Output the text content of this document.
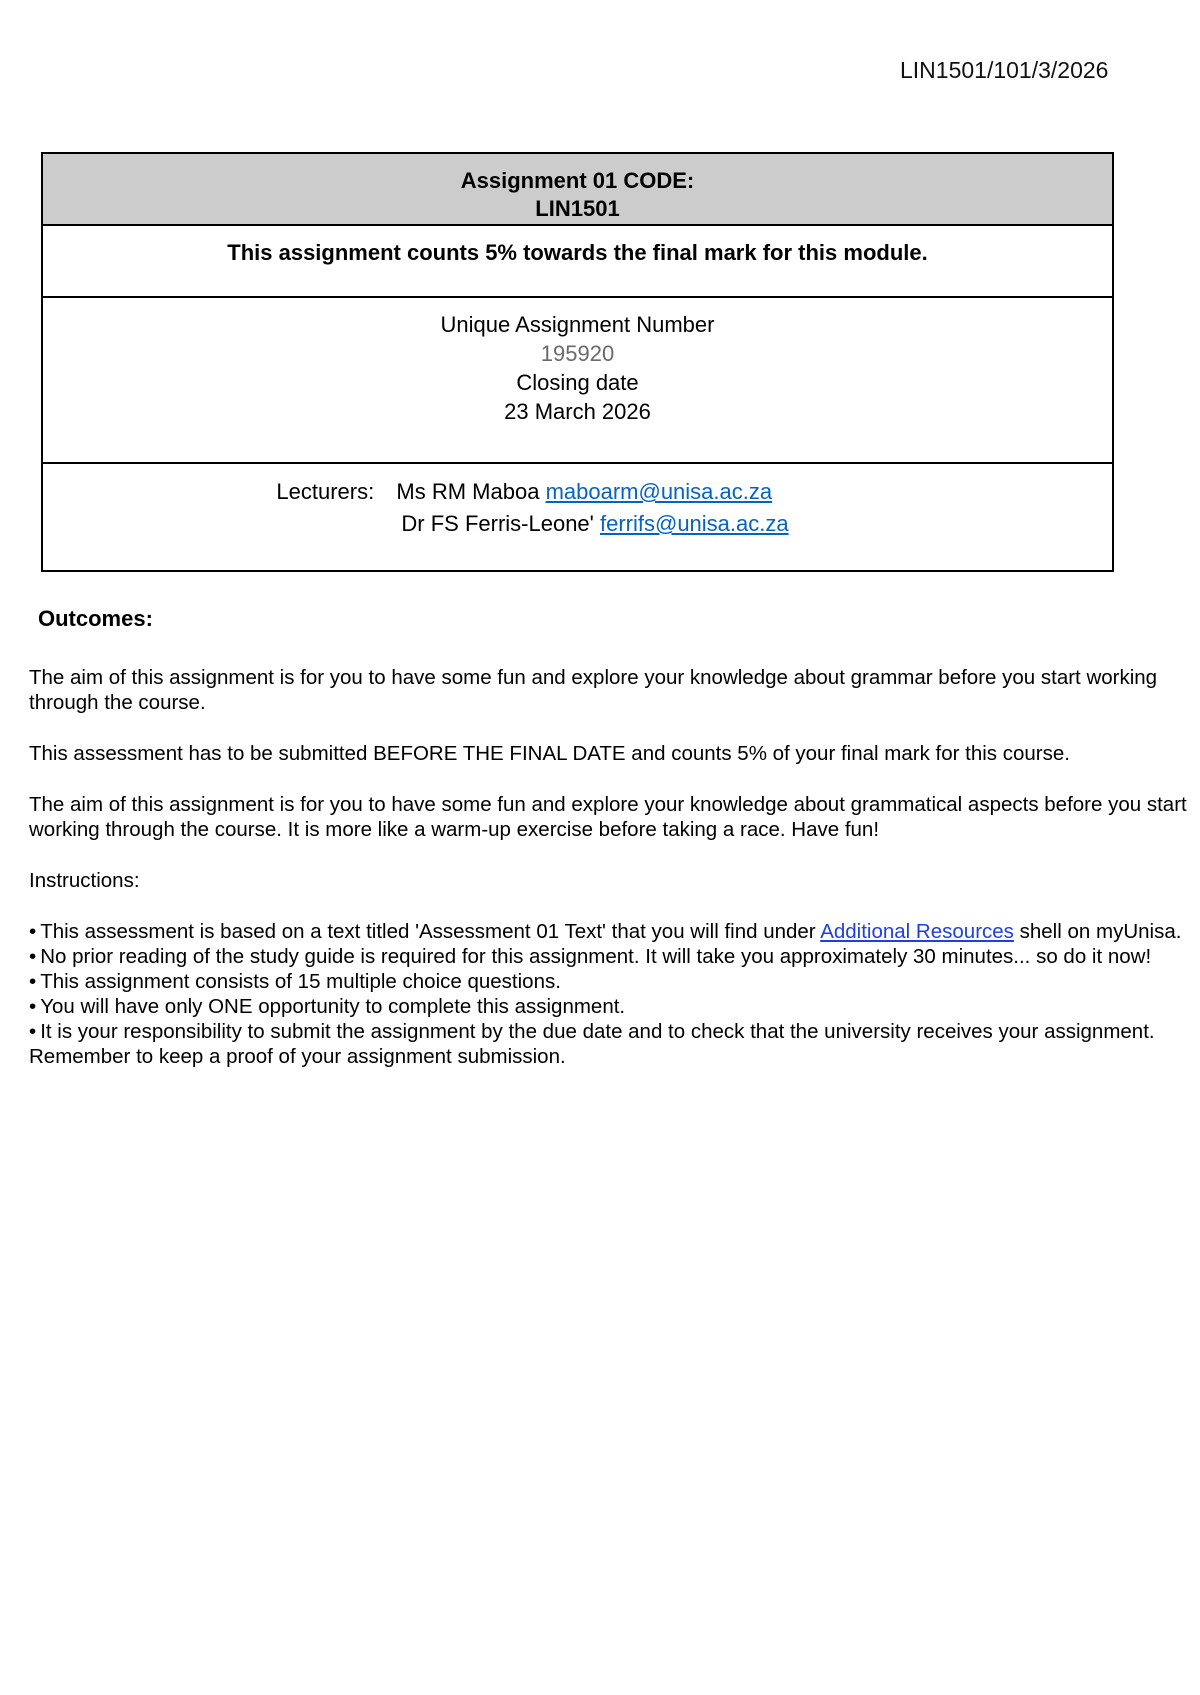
LIN1501/101/3/2026
Assignment 01 CODE:
LIN1501

This assignment counts 5% towards the final mark for this module.

Unique Assignment Number
195920
Closing date
23 March 2026

Lecturers: Ms RM Maboa maboarm@unisa.ac.za
Dr FS Ferris-Leone' ferrifs@unisa.ac.za
Outcomes:

The aim of this assignment is for you to have some fun and explore your knowledge about grammar before you start working through the course.

This assessment has to be submitted BEFORE THE FINAL DATE and counts 5% of your final mark for this course.

The aim of this assignment is for you to have some fun and explore your knowledge about grammatical aspects before you start working through the course. It is more like a warm-up exercise before taking a race. Have fun!

Instructions:

• This assessment is based on a text titled 'Assessment 01 Text' that you will find under Additional Resources shell on myUnisa.
• No prior reading of the study guide is required for this assignment. It will take you approximately 30 minutes... so do it now!
• This assignment consists of 15 multiple choice questions.
• You will have only ONE opportunity to complete this assignment.
• It is your responsibility to submit the assignment by the due date and to check that the university receives your assignment. Remember to keep a proof of your assignment submission.
